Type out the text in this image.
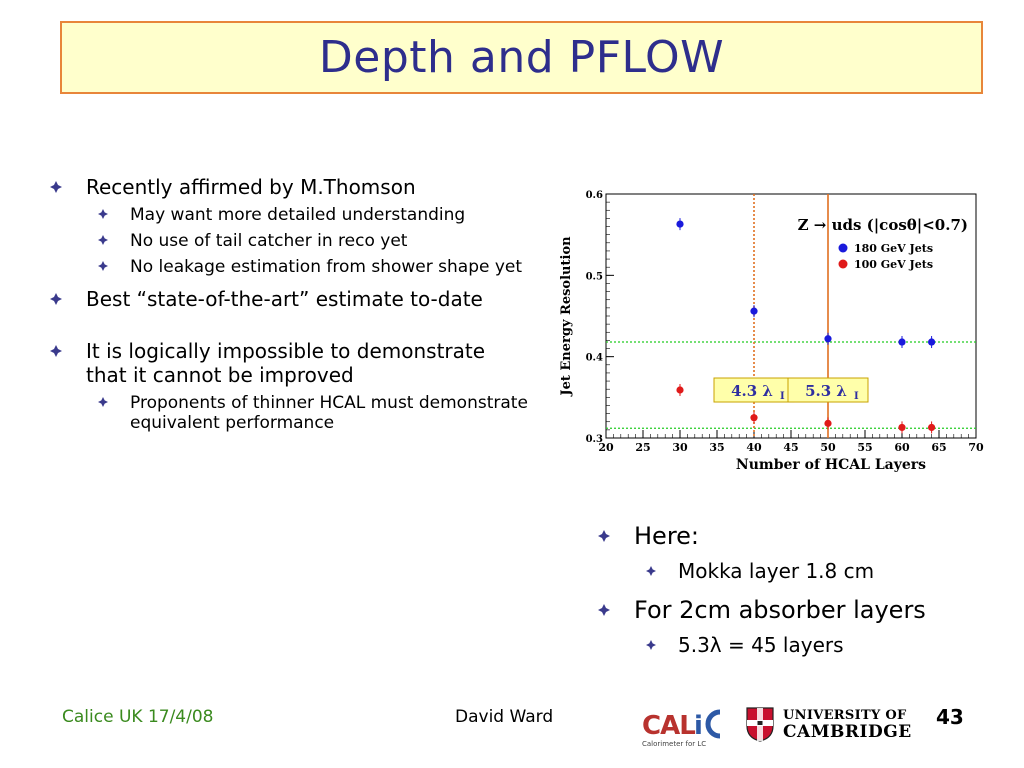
Depth and PFLOW
Recently affirmed by M.Thomson
May want more detailed understanding
No use of tail catcher in reco yet
No leakage estimation from shower shape yet
Best “state-of-the-art” estimate to-date
It is logically impossible to demonstrate that it cannot be improved
Proponents of thinner HCAL must demonstrate equivalent performance
Here:
Mokka layer 1.8 cm
For 2cm absorber layers
5.3λ = 45 layers
20 25 30 35 40 45 50 55 60 65 70
0.3
0.4
0.5
0.6
Number of HCAL Layers
Jet Energy Resolution	4.3 λ I 5.3 λ I
Z → uds (|cosθ|<0.7)
180 GeV Jets
100 GeV Jets
Calice UK 17/4/08	David Ward	43
CAL i
Calorimeter for LC
UNIVERSITY OF
CAMBRIDGE
